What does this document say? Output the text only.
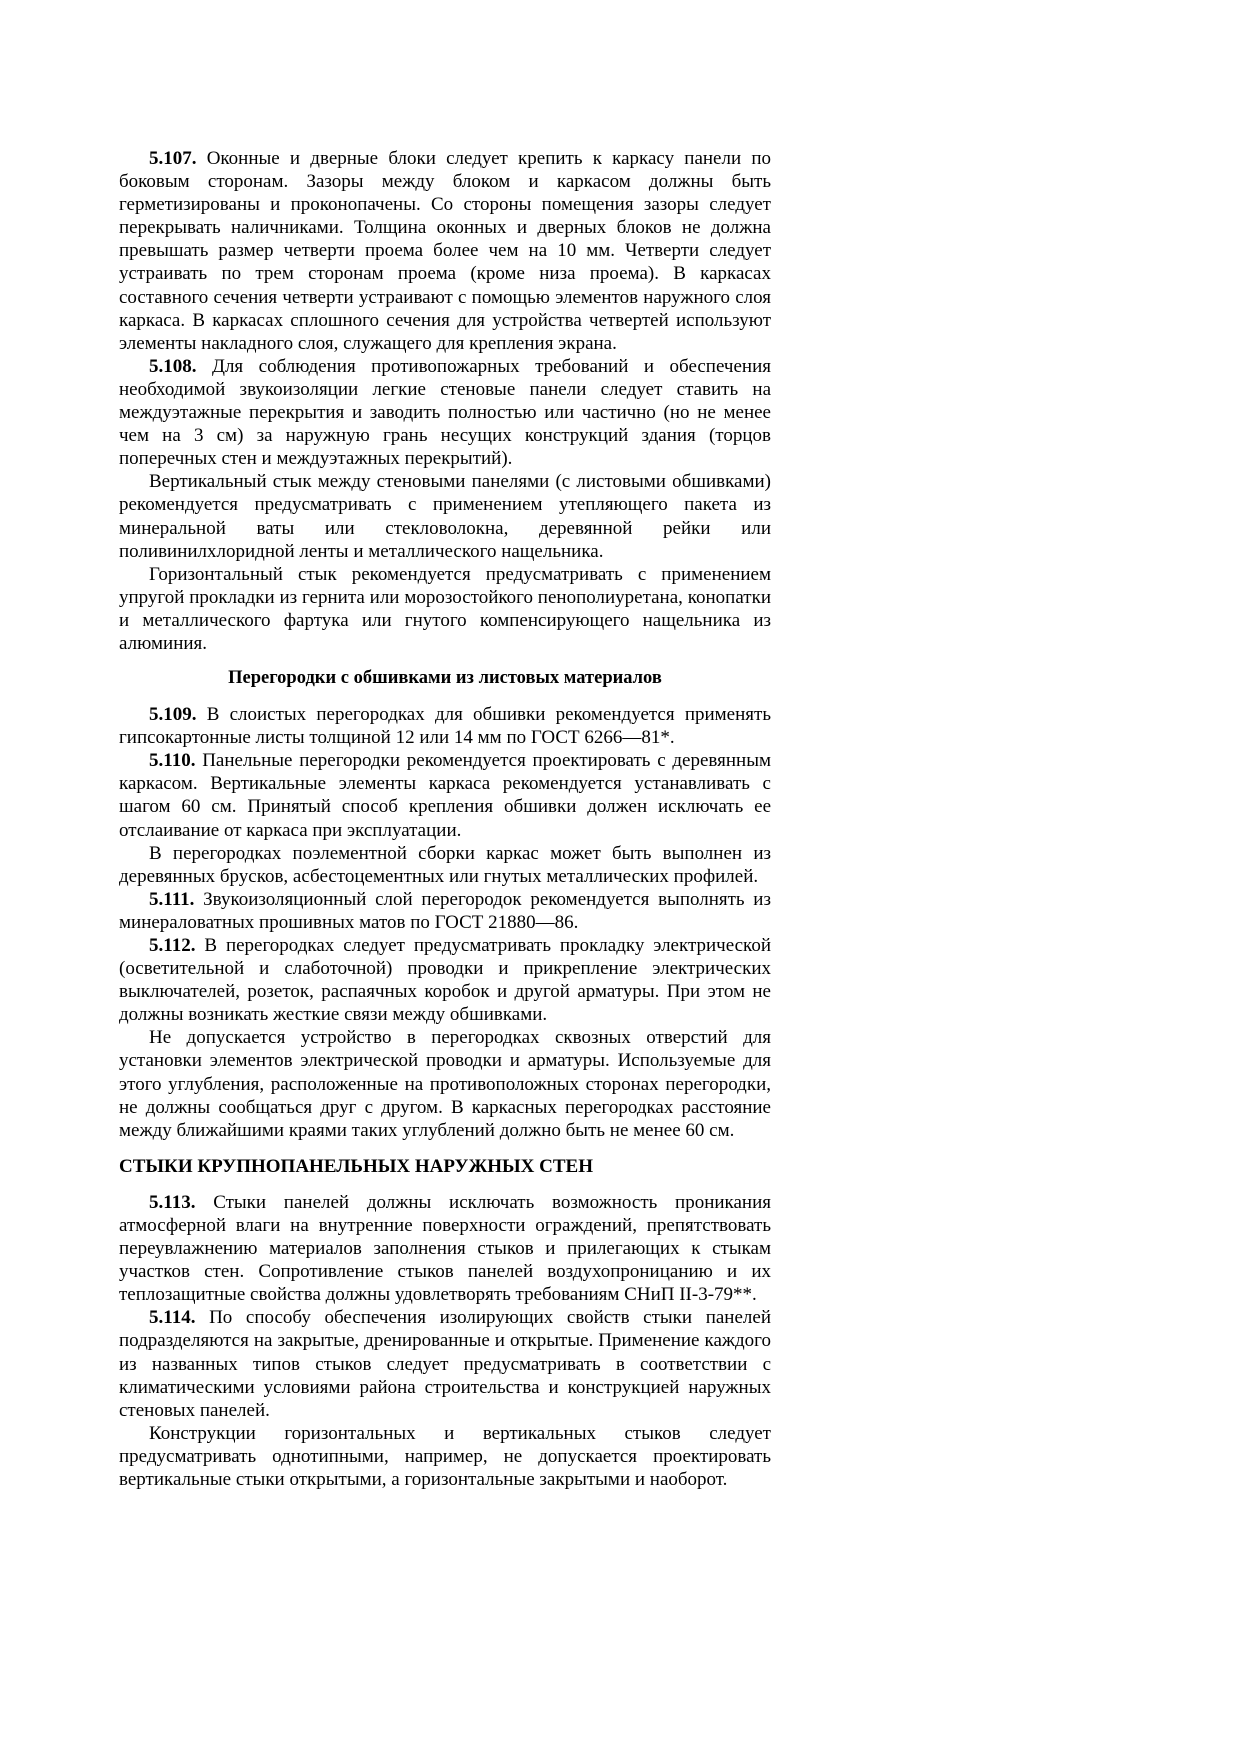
5.107. Оконные и дверные блоки следует крепить к каркасу панели по боковым сторонам. Зазоры между блоком и каркасом должны быть герметизированы и проконопачены. Со стороны помещения зазоры следует перекрывать наличниками. Толщина оконных и дверных блоков не должна превышать размер четверти проема более чем на 10 мм. Четверти следует устраивать по трем сторонам проема (кроме низа проема). В каркасах составного сечения четверти устраивают с помощью элементов наружного слоя каркаса. В каркасах сплошного сечения для устройства четвертей используют элементы накладного слоя, служащего для крепления экрана.

5.108. Для соблюдения противопожарных требований и обеспечения необходимой звукоизоляции легкие стеновые панели следует ставить на междуэтажные перекрытия и заводить полностью или частично (но не менее чем на 3 см) за наружную грань несущих конструкций здания (торцов поперечных стен и междуэтажных перекрытий).

Вертикальный стык между стеновыми панелями (с листовыми обшивками) рекомендуется предусматривать с применением утепляющего пакета из минеральной ваты или стекловолокна, деревянной рейки или поливинилхлоридной ленты и металлического нащельника.

Горизонтальный стык рекомендуется предусматривать с применением упругой прокладки из гернита или морозостойкого пенополиуретана, конопатки и металлического фартука или гнутого компенсирующего нащельника из алюминия.

Перегородки с обшивками из листовых материалов

5.109. В слоистых перегородках для обшивки рекомендуется применять гипсокартонные листы толщиной 12 или 14 мм по ГОСТ 6266—81*.

5.110. Панельные перегородки рекомендуется проектировать с деревянным каркасом. Вертикальные элементы каркаса рекомендуется устанавливать с шагом 60 см. Принятый способ крепления обшивки должен исключать ее отслаивание от каркаса при эксплуатации.

В перегородках поэлементной сборки каркас может быть выполнен из деревянных брусков, асбестоцементных или гнутых металлических профилей.

5.111. Звукоизоляционный слой перегородок рекомендуется выполнять из минераловатных прошивных матов по ГОСТ 21880—86.

5.112. В перегородках следует предусматривать прокладку электрической (осветительной и слаботочной) проводки и прикрепление электрических выключателей, розеток, распаячных коробок и другой арматуры. При этом не должны возникать жесткие связи между обшивками.

Не допускается устройство в перегородках сквозных отверстий для установки элементов электрической проводки и арматуры. Используемые для этого углубления, расположенные на противоположных сторонах перегородки, не должны сообщаться друг с другом. В каркасных перегородках расстояние между ближайшими краями таких углублений должно быть не менее 60 см.

СТЫКИ КРУПНОПАНЕЛЬНЫХ НАРУЖНЫХ СТЕН

5.113. Стыки панелей должны исключать возможность проникания атмосферной влаги на внутренние поверхности ограждений, препятствовать переувлажнению материалов заполнения стыков и прилегающих к стыкам участков стен. Сопротивление стыков панелей воздухопроницанию и их теплозащитные свойства должны удовлетворять требованиям СНиП II-3-79**.

5.114. По способу обеспечения изолирующих свойств стыки панелей подразделяются на закрытые, дренированные и открытые. Применение каждого из названных типов стыков следует предусматривать в соответствии с климатическими условиями района строительства и конструкцией наружных стеновых панелей.

Конструкции горизонтальных и вертикальных стыков следует предусматривать однотипными, например, не допускается проектировать вертикальные стыки открытыми, а горизонтальные закрытыми и наоборот.
